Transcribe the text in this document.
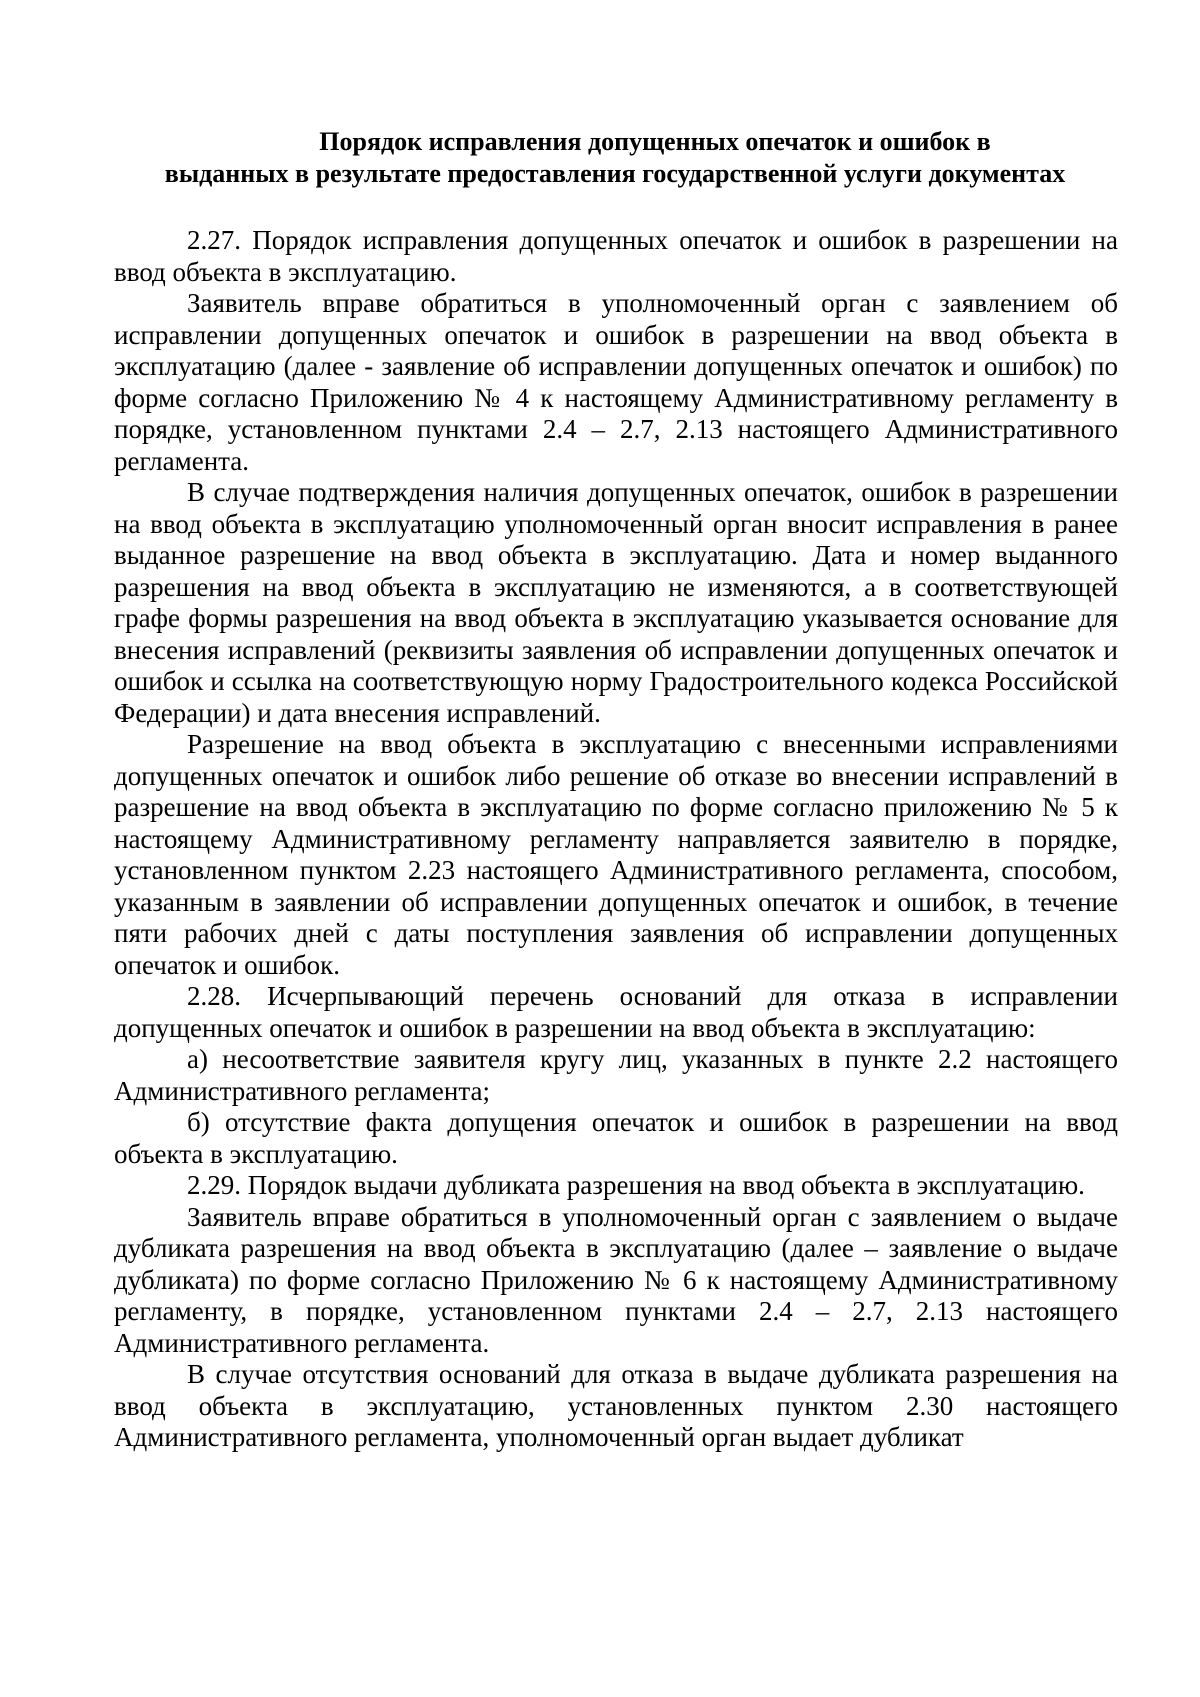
Порядок исправления допущенных опечаток и ошибок в
выданных в результате предоставления государственной услуги документах

2.27. Порядок исправления допущенных опечаток и ошибок в разрешении на ввод объекта в эксплуатацию.

Заявитель вправе обратиться в уполномоченный орган с заявлением об исправлении допущенных опечаток и ошибок в разрешении на ввод объекта в эксплуатацию (далее - заявление об исправлении допущенных опечаток и ошибок) по форме согласно Приложению № 4 к настоящему Административному регламенту в порядке, установленном пунктами 2.4 – 2.7, 2.13 настоящего Административного регламента.

В случае подтверждения наличия допущенных опечаток, ошибок в разрешении на ввод объекта в эксплуатацию уполномоченный орган вносит исправления в ранее выданное разрешение на ввод объекта в эксплуатацию. Дата и номер выданного разрешения на ввод объекта в эксплуатацию не изменяются, а в соответствующей графе формы разрешения на ввод объекта в эксплуатацию указывается основание для внесения исправлений (реквизиты заявления об исправлении допущенных опечаток и ошибок и ссылка на соответствующую норму Градостроительного кодекса Российской Федерации) и дата внесения исправлений.

Разрешение на ввод объекта в эксплуатацию с внесенными исправлениями допущенных опечаток и ошибок либо решение об отказе во внесении исправлений в разрешение на ввод объекта в эксплуатацию по форме согласно приложению № 5 к настоящему Административному регламенту направляется заявителю в порядке, установленном пунктом 2.23 настоящего Административного регламента, способом, указанным в заявлении об исправлении допущенных опечаток и ошибок, в течение пяти рабочих дней с даты поступления заявления об исправлении допущенных опечаток и ошибок.

2.28. Исчерпывающий перечень оснований для отказа в исправлении допущенных опечаток и ошибок в разрешении на ввод объекта в эксплуатацию:

а) несоответствие заявителя кругу лиц, указанных в пункте 2.2 настоящего Административного регламента;

б) отсутствие факта допущения опечаток и ошибок в разрешении на ввод объекта в эксплуатацию.

2.29. Порядок выдачи дубликата разрешения на ввод объекта в эксплуатацию.

Заявитель вправе обратиться в уполномоченный орган с заявлением о выдаче дубликата разрешения на ввод объекта в эксплуатацию (далее – заявление о выдаче дубликата) по форме согласно Приложению № 6 к настоящему Административному регламенту, в порядке, установленном пунктами 2.4 – 2.7, 2.13 настоящего Административного регламента.

В случае отсутствия оснований для отказа в выдаче дубликата разрешения на ввод объекта в эксплуатацию, установленных пунктом 2.30 настоящего Административного регламента, уполномоченный орган выдает дубликат
